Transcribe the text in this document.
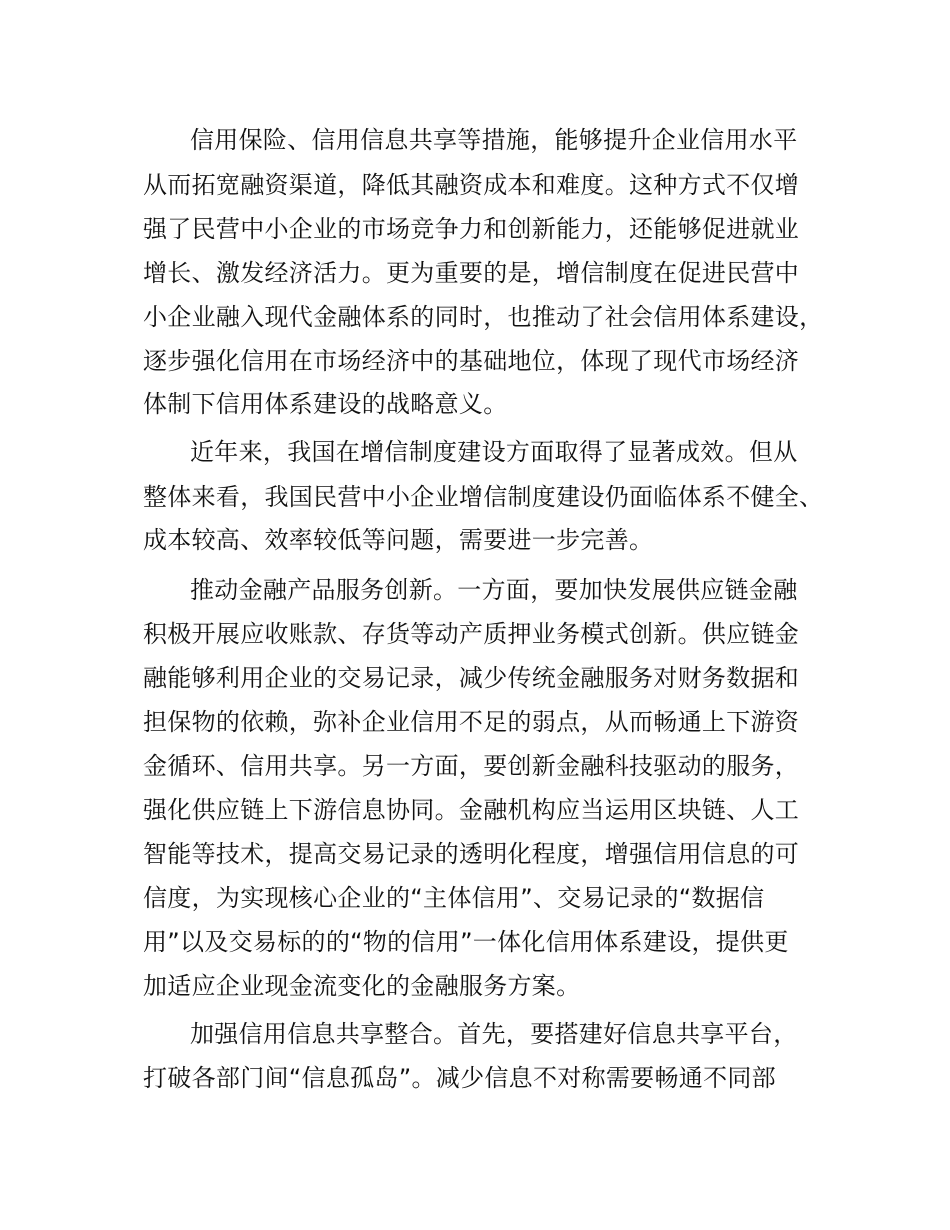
信用保险、信用信息共享等措施，能够提升企业信用水平
从而拓宽融资渠道，降低其融资成本和难度。这种方式不仅增
强了民营中小企业的市场竞争力和创新能力，还能够促进就业
增长、激发经济活力。更为重要的是，增信制度在促进民营中
小企业融入现代金融体系的同时，也推动了社会信用体系建设，
逐步强化信用在市场经济中的基础地位，体现了现代市场经济
体制下信用体系建设的战略意义。
近年来，我国在增信制度建设方面取得了显著成效。但从
整体来看，我国民营中小企业增信制度建设仍面临体系不健全、
成本较高、效率较低等问题，需要进一步完善。
推动金融产品服务创新。一方面，要加快发展供应链金融
积极开展应收账款、存货等动产质押业务模式创新。供应链金
融能够利用企业的交易记录，减少传统金融服务对财务数据和
担保物的依赖，弥补企业信用不足的弱点，从而畅通上下游资
金循环、信用共享。另一方面，要创新金融科技驱动的服务，
强化供应链上下游信息协同。金融机构应当运用区块链、人工
智能等技术，提高交易记录的透明化程度，增强信用信息的可
信度，为实现核心企业的“主体信用”、交易记录的“数据信
用”以及交易标的的“物的信用”一体化信用体系建设，提供更
加适应企业现金流变化的金融服务方案。
加强信用信息共享整合。首先，要搭建好信息共享平台，
打破各部门间“信息孤岛”。减少信息不对称需要畅通不同部
